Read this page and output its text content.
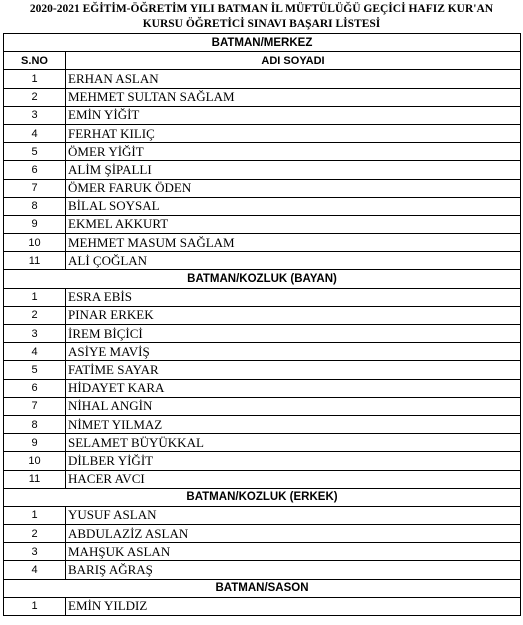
2020-2021 EĞİTİM-ÖĞRETİM YILI BATMAN İL MÜFTÜLÜĞÜ GEÇİCİ HAFIZ KUR'AN
KURSU ÖĞRETİCİ SINAVI BAŞARI LİSTESİ
BATMAN/MERKEZ	
S.NO	ADI SOYADI
1	ERHAN ASLAN
2	MEHMET SULTAN SAĞLAM
3	EMİN YİĞİT
4	FERHAT KILIÇ
5	ÖMER YİĞİT
6	ALİM ŞİPALLI
7	ÖMER FARUK ÖDEN
8	BİLAL SOYSAL
9	EKMEL AKKURT
10	MEHMET MASUM SAĞLAM
11	ALİ ÇOĞLAN
BATMAN/KOZLUK (BAYAN)	
1	ESRA EBİS
2	PINAR ERKEK
3	İREM BİÇİCİ
4	ASİYE MAVİŞ
5	FATİME SAYAR
6	HİDAYET KARA
7	NİHAL ANGİN
8	NİMET YILMAZ
9	SELAMET BÜYÜKKAL
10	DİLBER YİĞİT
11	HACER AVCI
BATMAN/KOZLUK (ERKEK)	
1	YUSUF ASLAN
2	ABDULAZİZ ASLAN
3	MAHŞUK ASLAN
4	BARIŞ AĞRAŞ
BATMAN/SASON	
1	EMİN YILDIZ
